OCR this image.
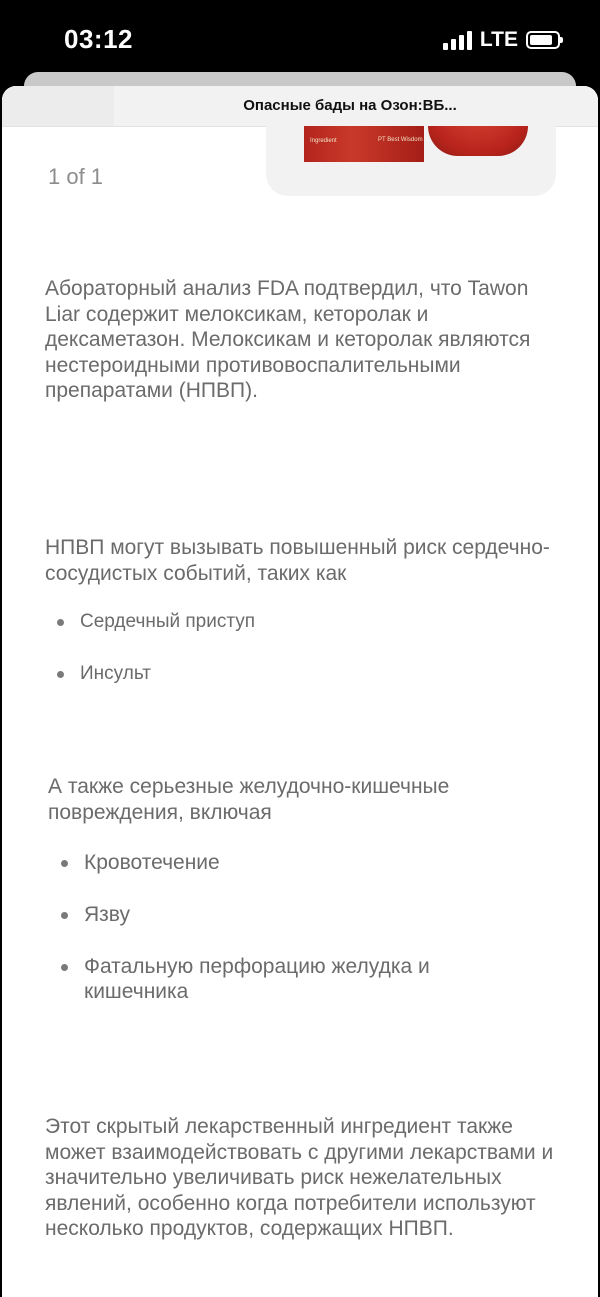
03:12	LTE
Опасные бады на Озон:ВБ...
Ingredient	PT Best Wisdom
1 of 1

Абораторный анализ FDA подтвердил, что Tawon Liar содержит мелоксикам, кеторолак и дексаметазон. Мелоксикам и кеторолак являются нестероидными противовоспалительными препаратами (НПВП).

НПВП могут вызывать повышенный риск сердечно-сосудистых событий, таких как

Сердечный приступ
Инсульт

А также серьезные желудочно-кишечные повреждения, включая

Кровотечение
Язву
Фатальную перфорацию желудка и кишечника

Этот скрытый лекарственный ингредиент также может взаимодействовать с другими лекарствами и значительно увеличивать риск нежелательных явлений, особенно когда потребители используют несколько продуктов, содержащих НПВП.
